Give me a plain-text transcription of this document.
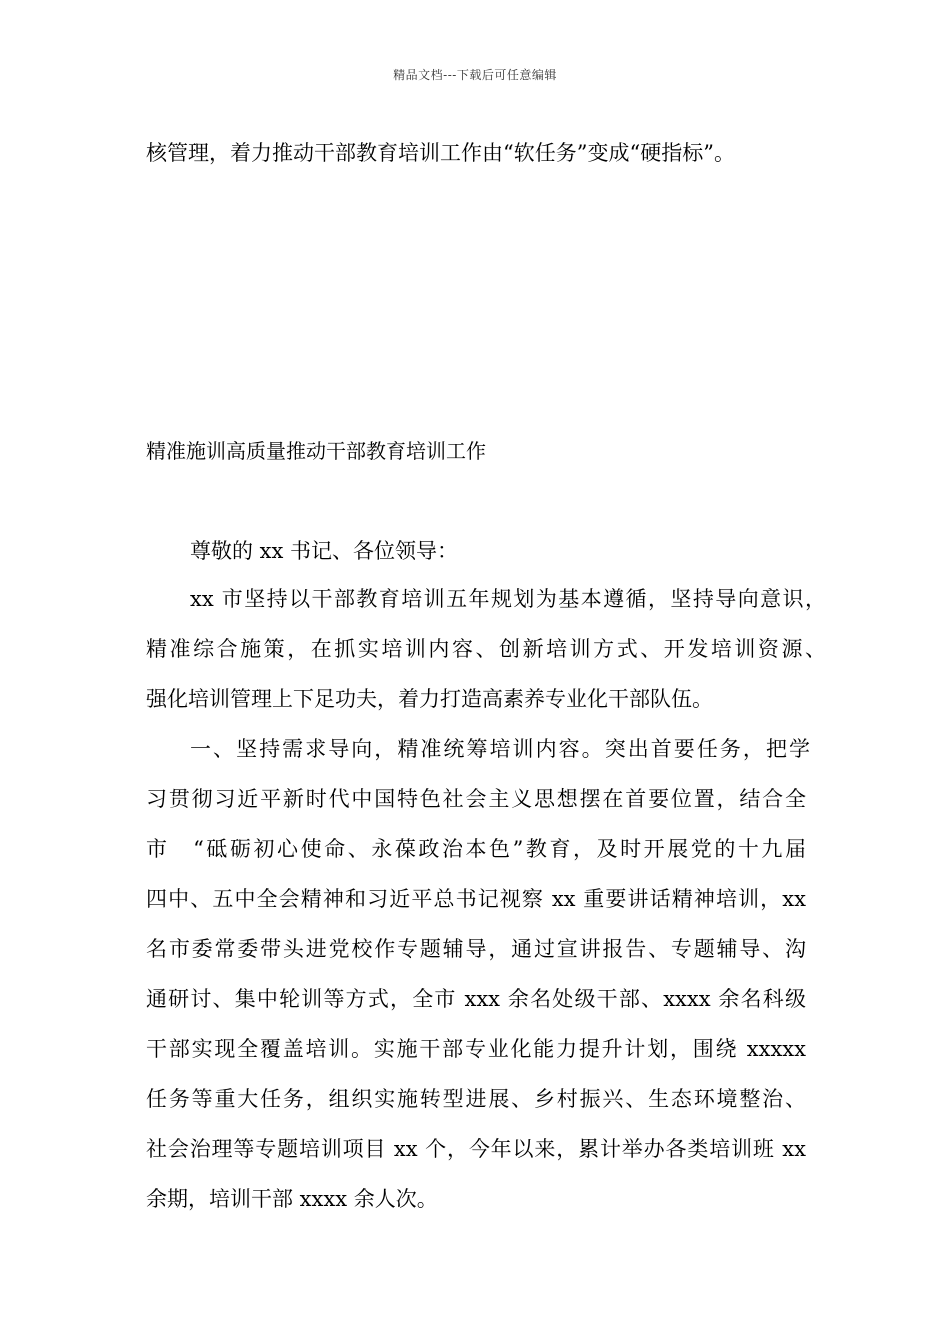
精品文档---下载后可任意编辑
核管理，着力推动干部教育培训工作由“软任务”变成“硬指标”。
精准施训高质量推动干部教育培训工作
尊敬的 xx 书记、各位领导：
xx 市坚持以干部教育培训五年规划为基本遵循，坚持导向意识，
精准综合施策，在抓实培训内容、创新培训方式、开发培训资源、
强化培训管理上下足功夫，着力打造高素养专业化干部队伍。
一、坚持需求导向，精准统筹培训内容。突出首要任务，把学
习贯彻习近平新时代中国特色社会主义思想摆在首要位置，结合全
市　“砥砺初心使命、永葆政治本色”教育，及时开展党的十九届
四中、五中全会精神和习近平总书记视察 xx 重要讲话精神培训，xx
名市委常委带头进党校作专题辅导，通过宣讲报告、专题辅导、沟
通研讨、集中轮训等方式，全市 xxx 余名处级干部、xxxx 余名科级
干部实现全覆盖培训。实施干部专业化能力提升计划，围绕 xxxxx
任务等重大任务，组织实施转型进展、乡村振兴、生态环境整治、
社会治理等专题培训项目 xx 个，今年以来，累计举办各类培训班 xx
余期，培训干部 xxxx 余人次。
